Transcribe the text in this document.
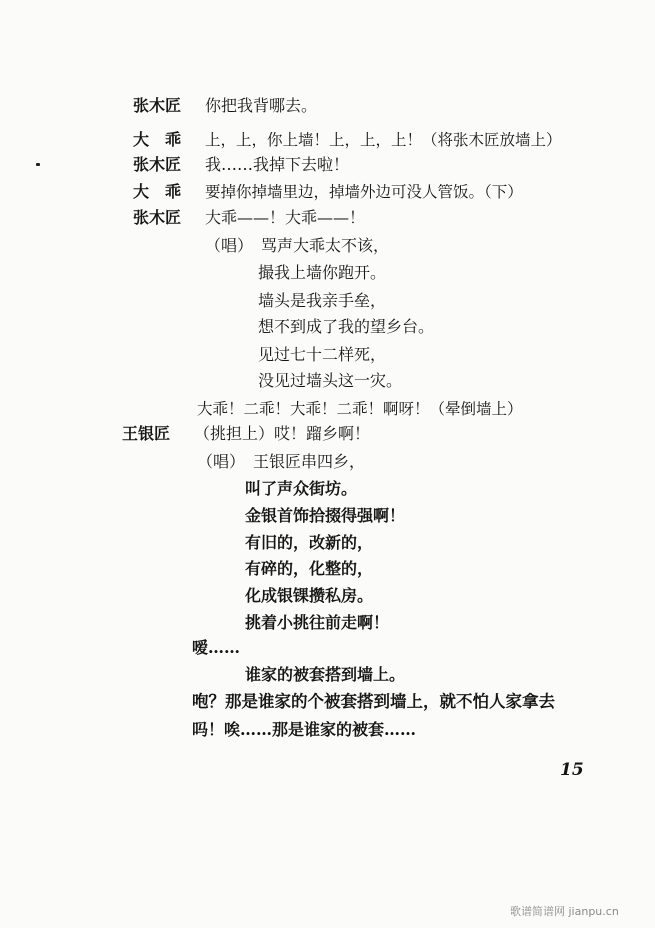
张木匠 你把我背哪去。
大　乖	上，上，你上墙！上，上，上！（将张木匠放墙上）
张木匠 我……我掉下去啦！
大　乖 要掉你掉墙里边，掉墙外边可没人管饭。（下）
张木匠 大乖——！大乖——！
（唱）　骂声大乖太不该，
撮我上墙你跑开。
墙头是我亲手垒，
想不到成了我的望乡台。
见过七十二样死，
没见过墙头这一灾。
大乖！二乖！大乖！二乖！啊呀！（晕倒墙上）
王银匠 （挑担上）哎！蹓乡啊！
（唱）　王银匠串四乡，
叫了声众街坊。
金银首饰拾掇得强啊！
有旧的，改新的，
有碎的，化整的，
化成银锞攒私房。
挑着小挑往前走啊！
嗳……
谁家的被套搭到墙上。
咆？那是谁家的个被套搭到墙上，就不怕人家拿去
吗！唉……那是谁家的被套……
15
歌谱简谱网 jianpu.cn
